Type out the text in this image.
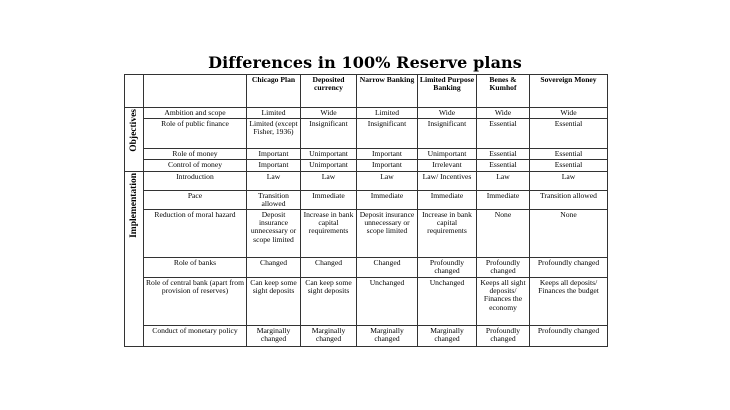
Differences in 100% Reserve plans
		Chicago Plan	Deposited currency	Narrow Banking	Limited Purpose Banking	Benes & Kumhof	Sovereign Money

Objectives	Ambition and scope	Limited	Wide	Limited	Wide	Wide	Wide
	Role of public finance	Limited (except Fisher, 1936)	Insignificant	Insignificant	Insignificant	Essential	Essential
	Role of money	Important	Unimportant	Important	Unimportant	Essential	Essential
	Control of money	Important	Unimportant	Important	Irrelevant	Essential	Essential

Implementation	Introduction	Law	Law	Law	Law/ Incentives	Law	Law
	Pace	Transition allowed	Immediate	Immediate	Immediate	Immediate	Transition allowed
	Reduction of moral hazard	Deposit insurance unnecessary or scope limited	Increase in bank capital requirements	Deposit insurance unnecessary or scope limited	Increase in bank capital requirements	None	None
	Role of banks	Changed	Changed	Changed	Profoundly changed	Profoundly changed	Profoundly changed
	Role of central bank (apart from provision of reserves)	Can keep some sight deposits	Can keep some sight deposits	Unchanged	Unchanged	Keeps all sight deposits/ Finances the economy	Keeps all deposits/ Finances the budget
	Conduct of monetary policy	Marginally changed	Marginally changed	Marginally changed	Marginally changed	Profoundly changed	Profoundly changed
